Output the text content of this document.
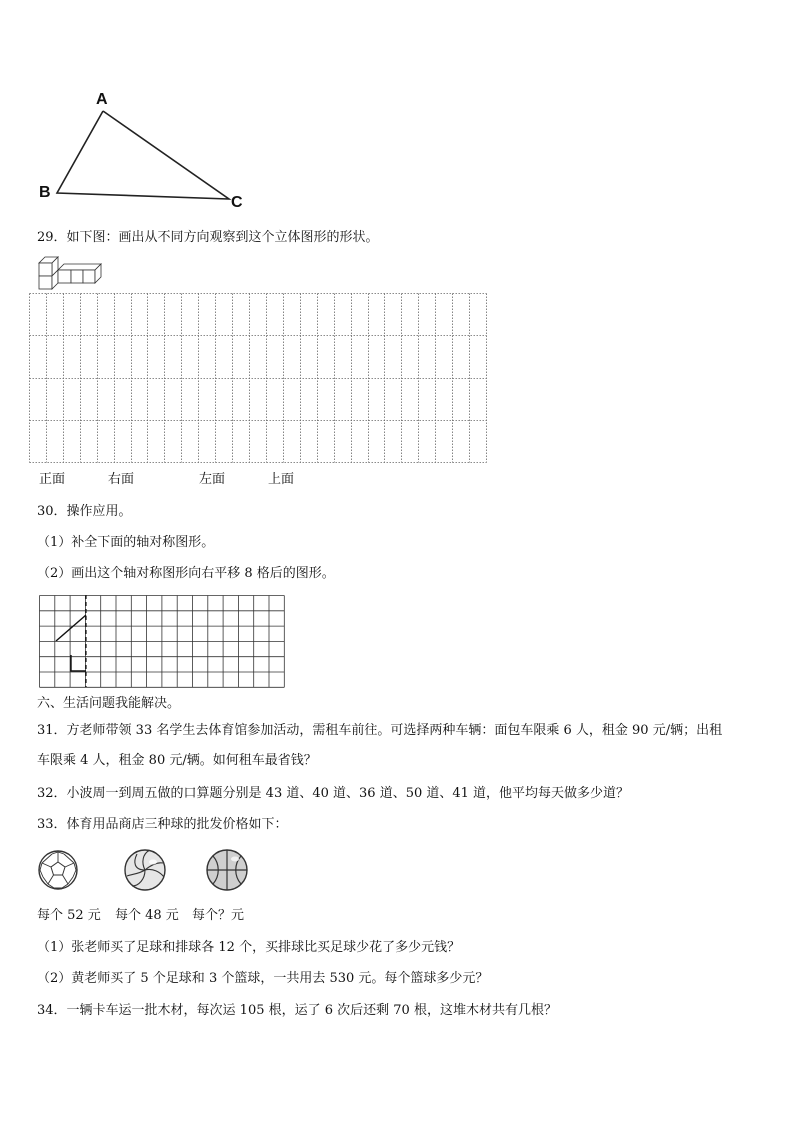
A
B
C
29．如下图：画出从不同方向观察到这个立体图形的形状。
正面	右面	左面	上面
30．操作应用。
（1）补全下面的轴对称图形。
（2）画出这个轴对称图形向右平移 8 格后的图形。
六、生活问题我能解决。
31．方老师带领 33 名学生去体育馆参加活动，需租车前往。可选择两种车辆：面包车限乘 6 人，租金 90 元/辆；出租
车限乘 4 人，租金 80 元/辆。如何租车最省钱？
32．小波周一到周五做的口算题分别是 43 道、40 道、36 道、50 道、41 道，他平均每天做多少道？
33．体育用品商店三种球的批发价格如下：
每个 52 元 每个 48 元 每个？元
（1）张老师买了足球和排球各 12 个，买排球比买足球少花了多少元钱？
（2）黄老师买了 5 个足球和 3 个篮球，一共用去 530 元。每个篮球多少元？
34．一辆卡车运一批木材，每次运 105 根，运了 6 次后还剩 70 根，这堆木材共有几根？
